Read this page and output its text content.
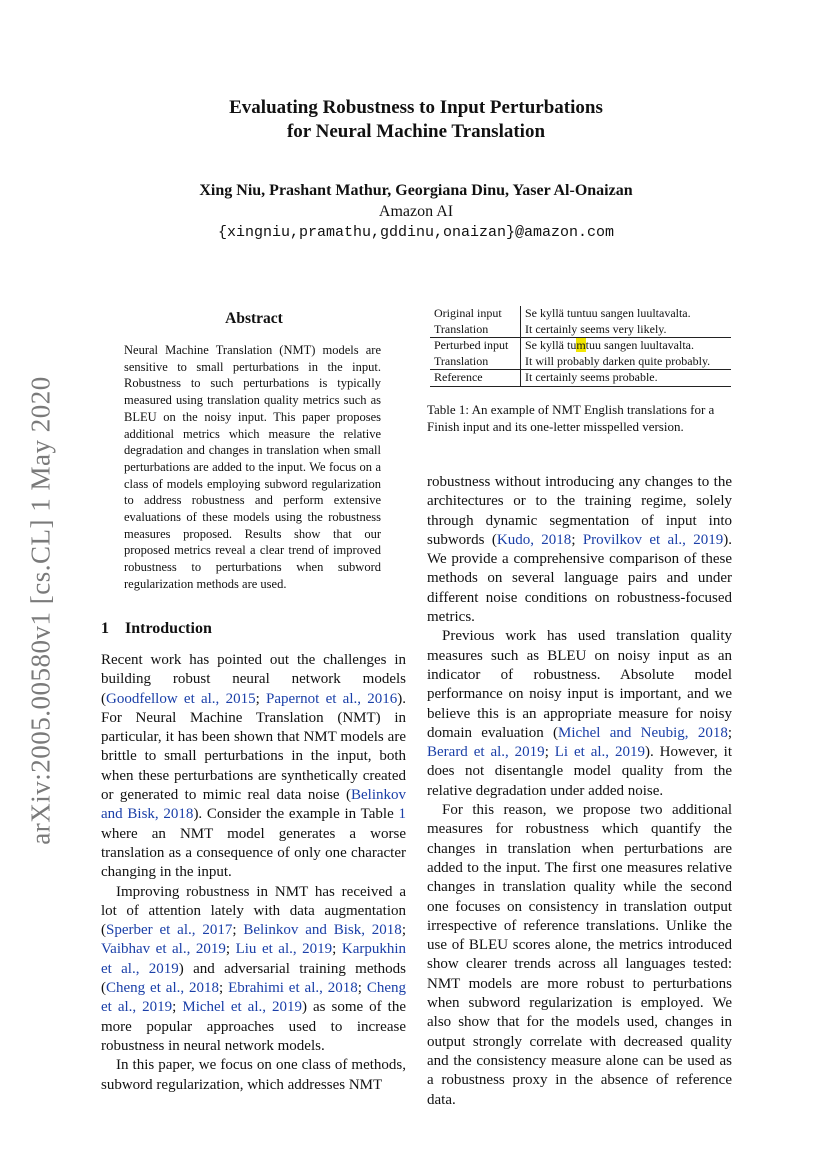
arXiv:2005.00580v1 [cs.CL] 1 May 2020
Evaluating Robustness to Input Perturbations
for Neural Machine Translation
Xing Niu, Prashant Mathur, Georgiana Dinu, Yaser Al-Onaizan
Amazon AI
{xingniu,pramathu,gddinu,onaizan}@amazon.com
Abstract
Neural Machine Translation (NMT) models are sensitive to small perturbations in the input. Robustness to such perturbations is typically measured using translation quality metrics such as BLEU on the noisy input. This paper proposes additional metrics which measure the relative degradation and changes in translation when small perturbations are added to the input. We focus on a class of models employing subword regularization to address robustness and perform extensive evaluations of these models using the robustness measures proposed. Results show that our proposed metrics reveal a clear trend of improved robustness to perturbations when subword regularization methods are used.
Original input	Se kyllä tuntuu sangen luultavalta.
Translation	It certainly seems very likely.
Perturbed input	Se kyllä tumtuu sangen luultavalta.
Translation	It will probably darken quite probably.
Reference	It certainly seems probable.
Table 1: An example of NMT English translations for a Finish input and its one-letter misspelled version.
1 Introduction

Recent work has pointed out the challenges in building robust neural network models (Goodfellow et al., 2015; Papernot et al., 2016). For Neural Machine Translation (NMT) in particular, it has been shown that NMT models are brittle to small perturbations in the input, both when these perturbations are synthetically created or generated to mimic real data noise (Belinkov and Bisk, 2018). Consider the example in Table 1 where an NMT model generates a worse translation as a consequence of only one character changing in the input.

Improving robustness in NMT has received a lot of attention lately with data augmentation (Sperber et al., 2017; Belinkov and Bisk, 2018; Vaibhav et al., 2019; Liu et al., 2019; Karpukhin et al., 2019) and adversarial training methods (Cheng et al., 2018; Ebrahimi et al., 2018; Cheng et al., 2019; Michel et al., 2019) as some of the more popular approaches used to increase robustness in neural network models.

In this paper, we focus on one class of methods, subword regularization, which addresses NMT

robustness without introducing any changes to the architectures or to the training regime, solely through dynamic segmentation of input into subwords (Kudo, 2018; Provilkov et al., 2019). We provide a comprehensive comparison of these methods on several language pairs and under different noise conditions on robustness-focused metrics.

Previous work has used translation quality measures such as BLEU on noisy input as an indicator of robustness. Absolute model performance on noisy input is important, and we believe this is an appropriate measure for noisy domain evaluation (Michel and Neubig, 2018; Berard et al., 2019; Li et al., 2019). However, it does not disentangle model quality from the relative degradation under added noise.

For this reason, we propose two additional measures for robustness which quantify the changes in translation when perturbations are added to the input. The first one measures relative changes in translation quality while the second one focuses on consistency in translation output irrespective of reference translations. Unlike the use of BLEU scores alone, the metrics introduced show clearer trends across all languages tested: NMT models are more robust to perturbations when subword regularization is employed. We also show that for the models used, changes in output strongly correlate with decreased quality and the consistency measure alone can be used as a robustness proxy in the absence of reference data.
